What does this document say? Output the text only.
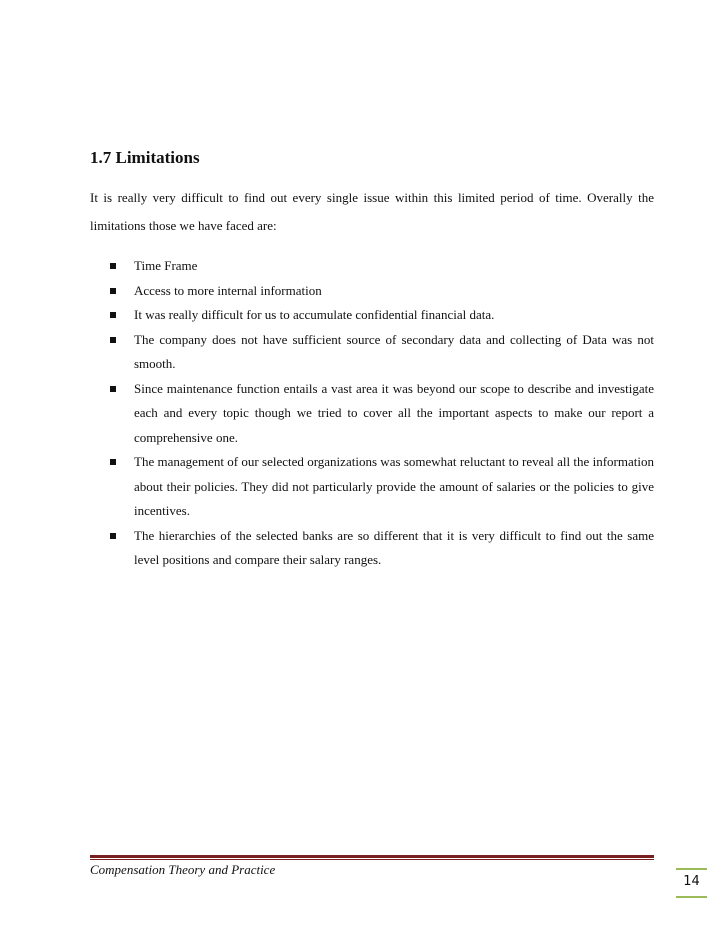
1.7 Limitations

It is really very difficult to find out every single issue within this limited period of time. Overally the limitations those we have faced are:

Time Frame
Access to more internal information
It was really difficult for us to accumulate confidential financial data.
The company does not have sufficient source of secondary data and collecting of Data was not smooth.
Since maintenance function entails a vast area it was beyond our scope to describe and investigate each and every topic though we tried to cover all the important aspects to make our report a comprehensive one.
The management of our selected organizations was somewhat reluctant to reveal all the information about their policies. They did not particularly provide the amount of salaries or the policies to give incentives.
The hierarchies of the selected banks are so different that it is very difficult to find out the same level positions and compare their salary ranges.

Compensation Theory and Practice

14
